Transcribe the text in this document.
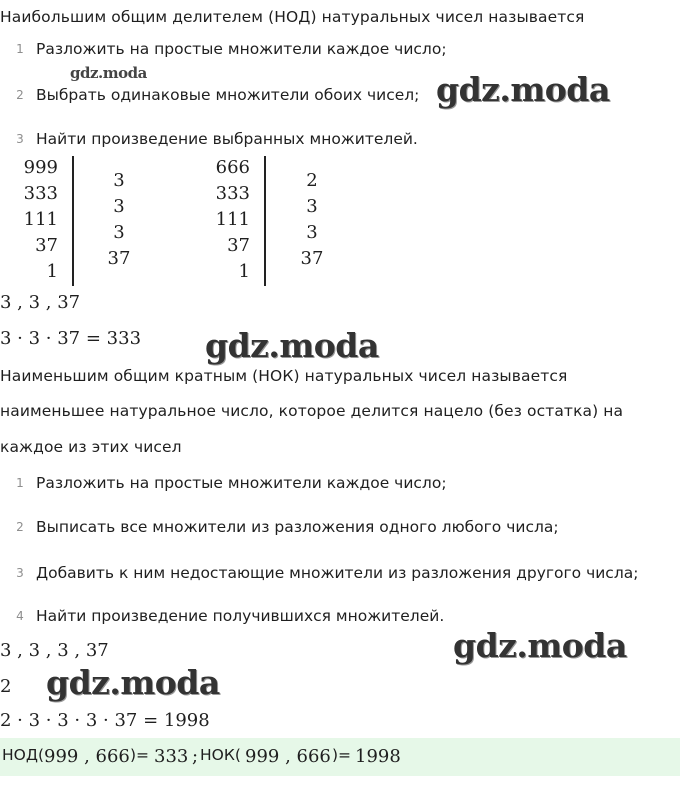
Наибольшим общим делителем (НОД) натуральных чисел называется

1 Разложить на простые множители каждое число;
2 Выбрать одинаковые множители обоих чисел;
3 Найти произведение выбранных множителей.
999
333
111
37
1
3
3
3
37
666
333
111
37
1
2
3
3
37
3 , 3 , 37
3 · 3 · 37 = 333

Наименьшим общим кратным (НОК) натуральных чисел называется

наименьшее натуральное число, которое делится нацело (без остатка) на

каждое из этих чисел

1 Разложить на простые множители каждое число;
2 Выписать все множители из разложения одного любого числа;
3 Добавить к ним недостающие множители из разложения другого числа;
4 Найти произведение получившихся множителей.
3 , 3 , 3 , 37
2
2 · 3 · 3 · 3 · 37 = 1998
НОД( 999 , 666 )= 333 ; НОК( 999 , 666 )= 1998
gdz.moda	gdz.moda
gdz.moda
gdz.moda
gdz.moda
